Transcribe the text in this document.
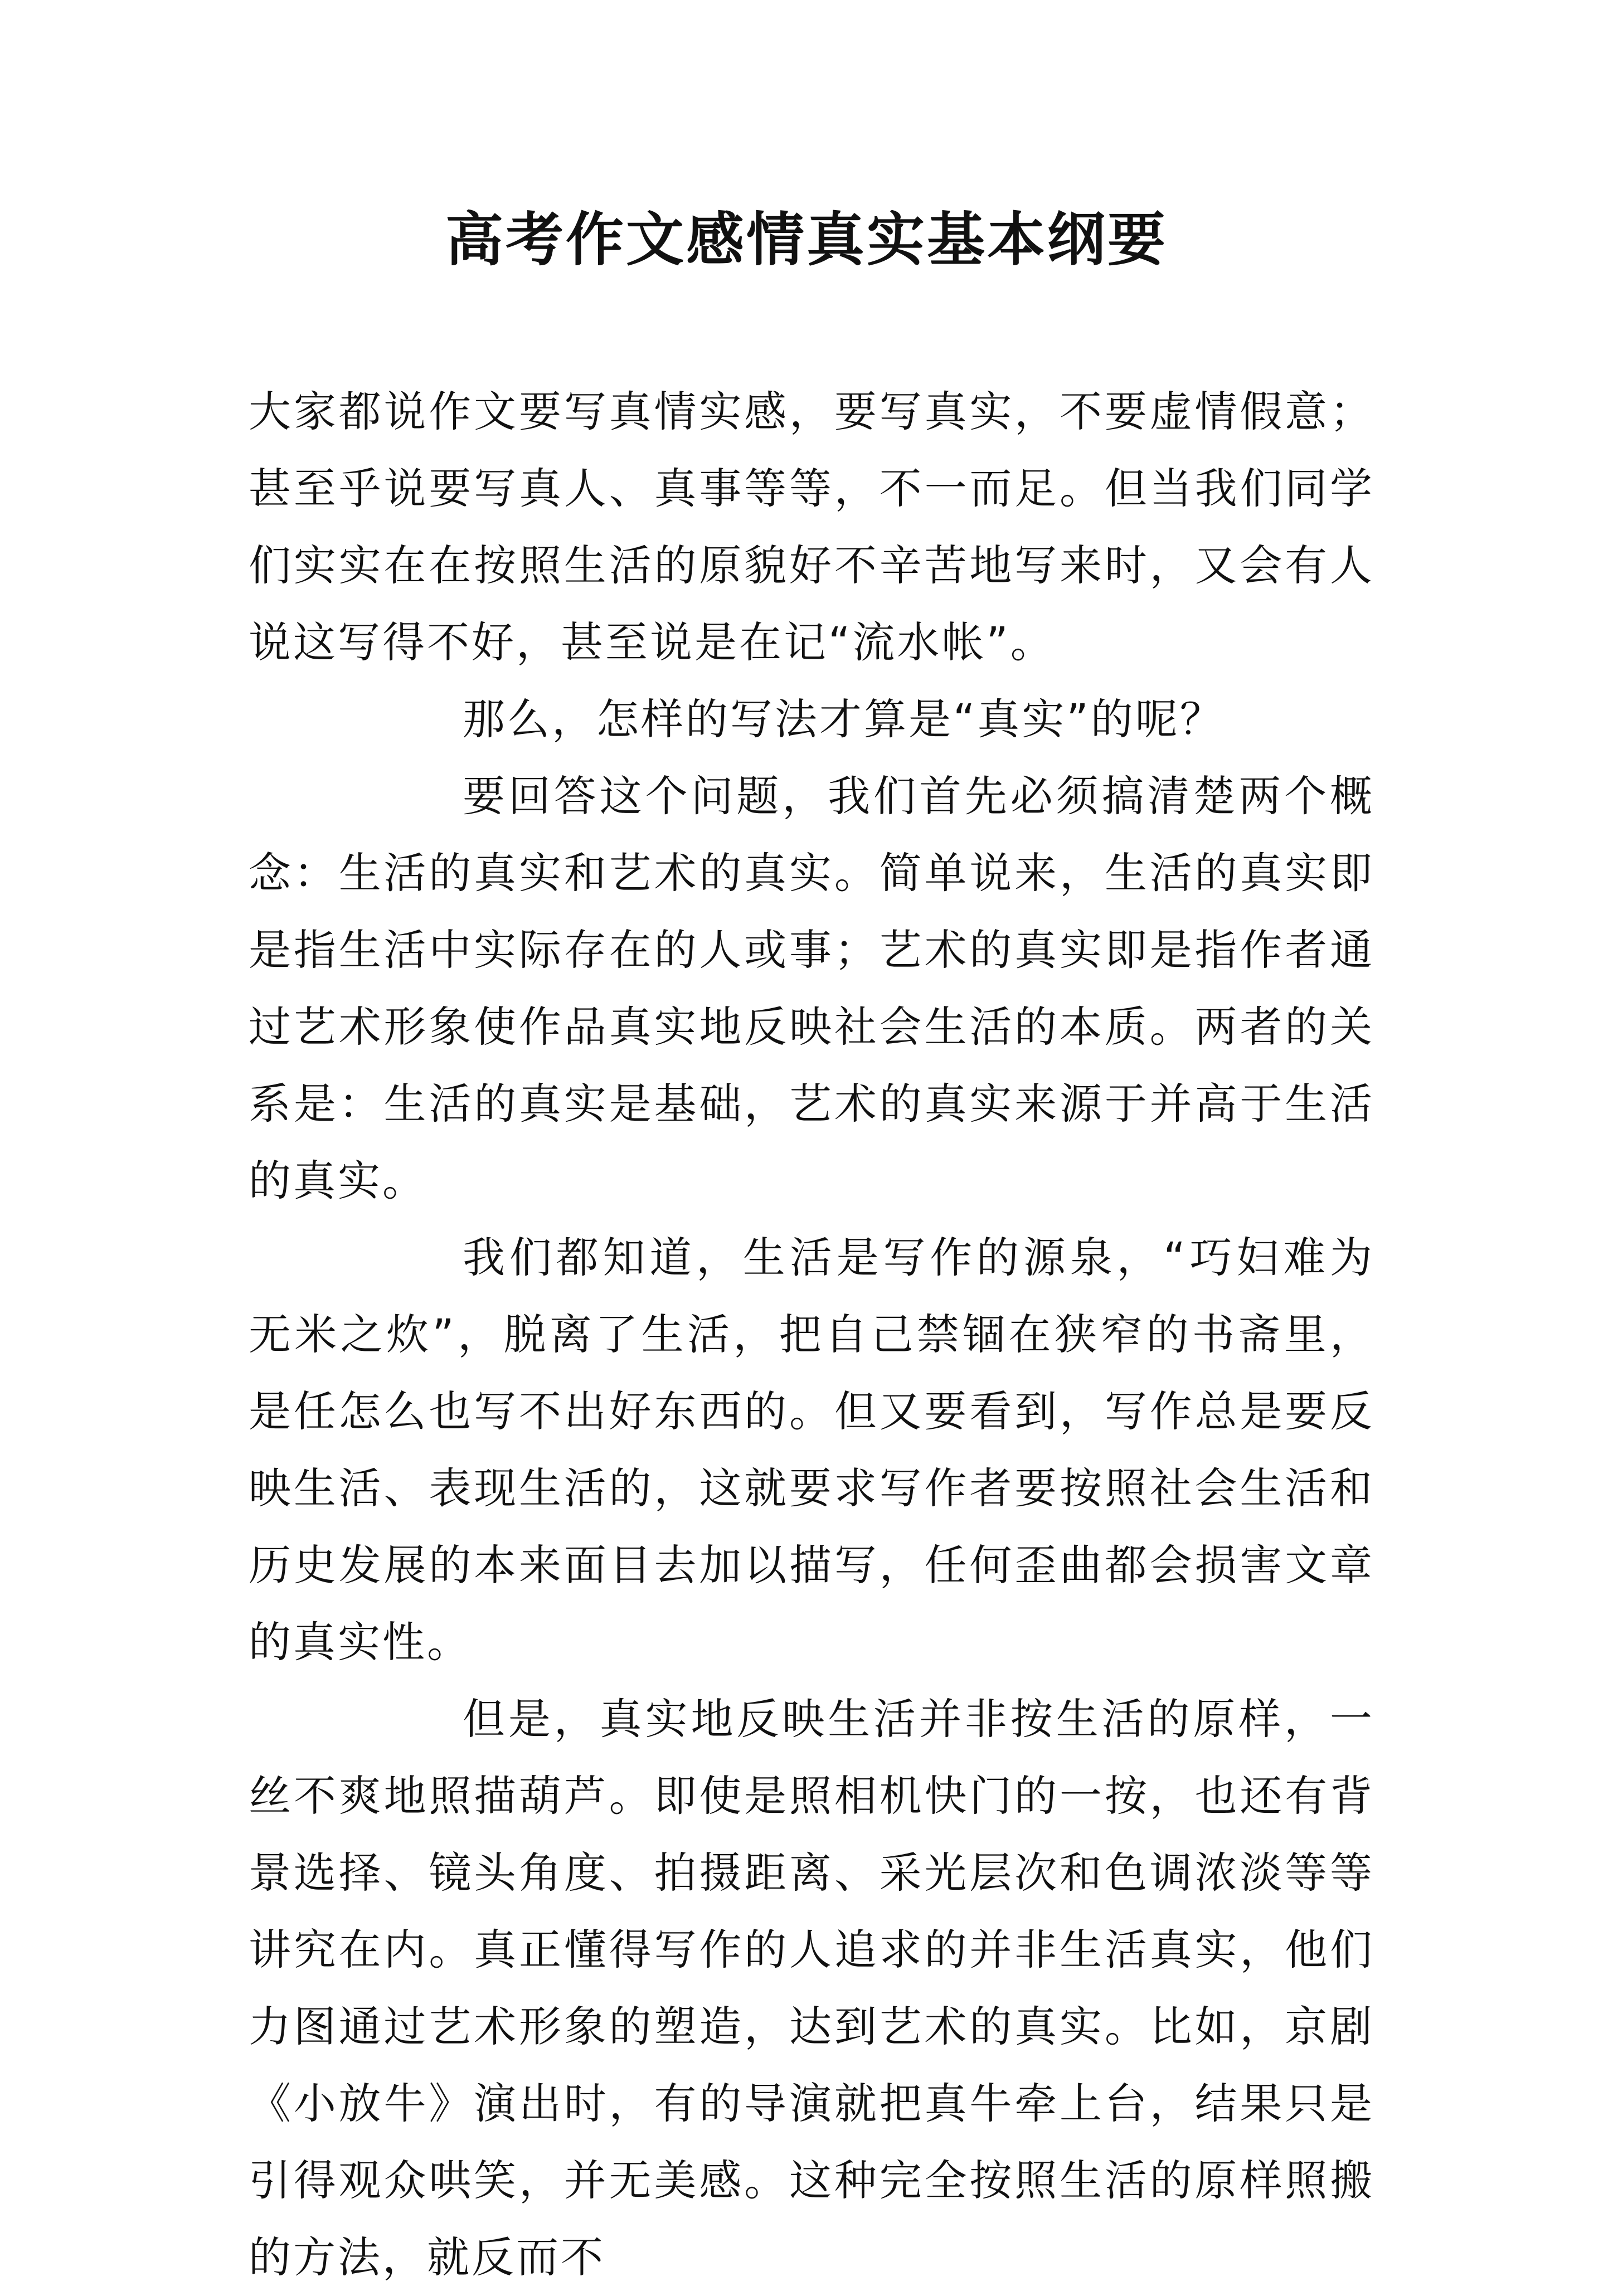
高考作文感情真实基本纲要

大家都说作文要写真情实感，要写真实，不要虚情假意；甚至乎说要写真人、真事等等，不一而足。但当我们同学们实实在在按照生活的原貌好不辛苦地写来时，又会有人说这写得不好，甚至说是在记“流水帐”。

那么，怎样的写法才算是“真实”的呢？

要回答这个问题，我们首先必须搞清楚两个概念：生活的真实和艺术的真实。简单说来，生活的真实即是指生活中实际存在的人或事；艺术的真实即是指作者通过艺术形象使作品真实地反映社会生活的本质。两者的关系是：生活的真实是基础，艺术的真实来源于并高于生活的真实。

我们都知道，生活是写作的源泉，“巧妇难为无米之炊”，脱离了生活，把自己禁锢在狭窄的书斋里，是任怎么也写不出好东西的。但又要看到，写作总是要反映生活、表现生活的，这就要求写作者要按照社会生活和历史发展的本来面目去加以描写，任何歪曲都会损害文章的真实性。

但是，真实地反映生活并非按生活的原样，一丝不爽地照描葫芦。即使是照相机快门的一按，也还有背景选择、镜头角度、拍摄距离、采光层次和色调浓淡等等讲究在内。真正懂得写作的人追求的并非生活真实，他们力图通过艺术形象的塑造，达到艺术的真实。比如，京剧《小放牛》演出时，有的导演就把真牛牵上台，结果只是引得观众哄笑，并无美感。这种完全按照生活的原样照搬的方法，就反而不
